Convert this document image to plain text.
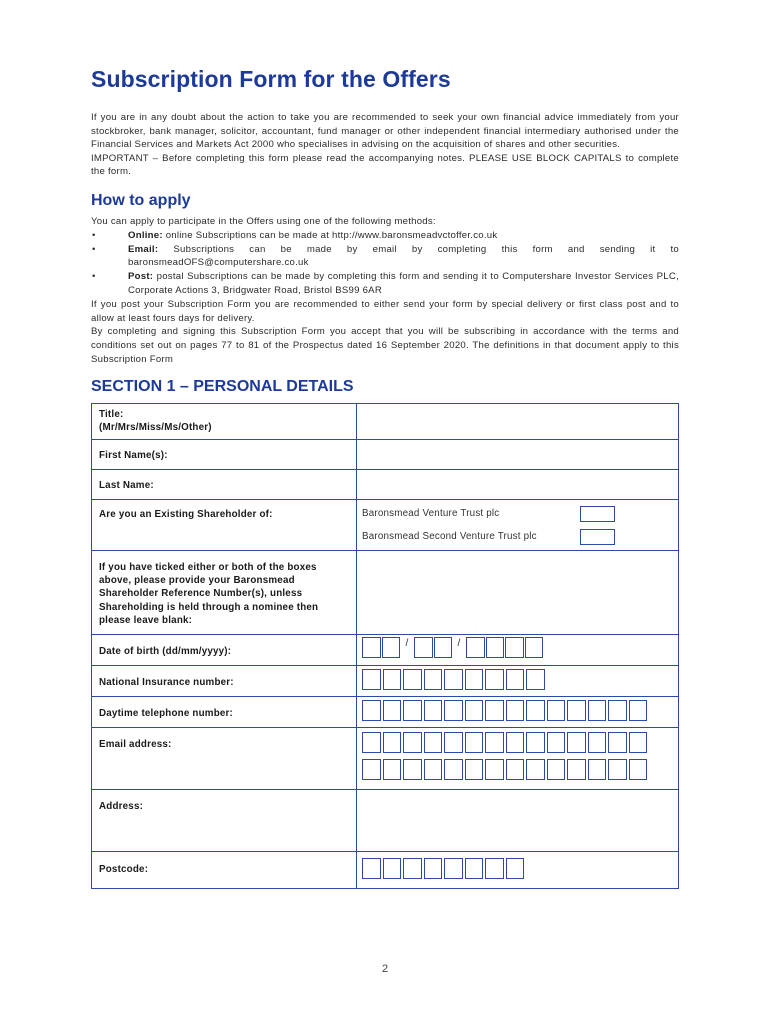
Subscription Form for the Offers

If you are in any doubt about the action to take you are recommended to seek your own financial advice immediately from your stockbroker, bank manager, solicitor, accountant, fund manager or other independent financial intermediary authorised under the Financial Services and Markets Act 2000 who specialises in advising on the acquisition of shares and other securities.

IMPORTANT – Before completing this form please read the accompanying notes. PLEASE USE BLOCK CAPITALS to complete the form.

How to apply

You can apply to participate in the Offers using one of the following methods:

•	Online: online Subscriptions can be made at http://www.baronsmeadvctoffer.co.uk
•	Email: Subscriptions can be made by email by completing this form and sending it to baronsmeadOFS@computershare.co.uk
•	Post: postal Subscriptions can be made by completing this form and sending it to Computershare Investor Services PLC, Corporate Actions 3, Bridgwater Road, Bristol BS99 6AR

If you post your Subscription Form you are recommended to either send your form by special delivery or first class post and to allow at least fours days for delivery.

By completing and signing this Subscription Form you accept that you will be subscribing in accordance with the terms and conditions set out on pages 77 to 81 of the Prospectus dated 16 September 2020. The definitions in that document apply to this Subscription Form

SECTION 1 – PERSONAL DETAILS
Title:
(Mr/Mrs/Miss/Ms/Other)	

First Name(s):	
Last Name:	
Are you an Existing Shareholder of:	Baronsmead Venture Trust plc
Baronsmead Second Venture Trust plc

If you have ticked either or both of the boxes above, please provide your Baronsmead Shareholder Reference Number(s), unless Shareholding is held through a nominee then please leave blank:	
Date of birth (dd/mm/yyyy):	/ /

National Insurance number:	

Daytime telephone number:	

Email address:	

Address:	
Postcode:	
2
